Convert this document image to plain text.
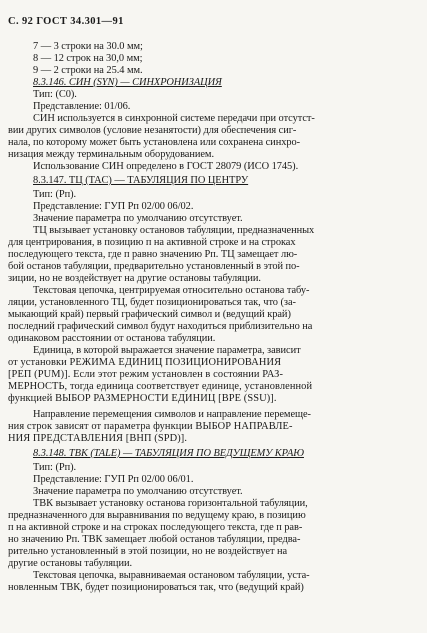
С. 92 ГОСТ 34.301—91
7 — 3 строки на 30.0 мм;
8 — 12 строк на 30,0 мм;
9 — 2 строки на 25.4 мм.
8.3.146. СИН (SYN) — СИНХРОНИЗАЦИЯ
Тип: (C0).
Представление: 01/06.
СИН используется в синхронной системе передачи при отсутст-
вии других символов (условие незанятости) для обеспечения сиг-
нала, по которому может быть установлена или сохранена синхро-
низация между терминальным оборудованием.
Использование СИН определено в ГОСТ 28079 (ИСО 1745).
8.3.147. ТЦ (TAC) — ТАБУЛЯЦИЯ ПО ЦЕНТРУ
Тип: (Рп).
Представление: ГУП Рп 02/00 06/02.
Значение параметра по умолчанию отсутствует.
ТЦ вызывает установку остановов табуляции, предназначенных
для центрирования, в позицию п на активной строке и на строках
последующего текста, где п равно значению Рп. ТЦ замещает лю-
бой останов табуляции, предварительно установленный в этой по-
зиции, но не воздействует на другие остановы табуляции.
Текстовая цепочка, центрируемая относительно останова табу-
ляции, установленного ТЦ, будет позиционироваться так, что (за-
мыкающий край) первый графический символ и (ведущий край)
последний графический символ будут находиться приблизительно на
одинаковом расстоянии от останова табуляции.
Единица, в которой выражается значение параметра, зависит
от установки РЕЖИМА ЕДИНИЦ ПОЗИЦИОНИРОВАНИЯ
[РЕП (PUM)]. Если этот режим установлен в состоянии РАЗ-
МЕРНОСТЬ, тогда единица соответствует единице, установленной
функцией ВЫБОР РАЗМЕРНОСТИ ЕДИНИЦ [ВРЕ (SSU)].
Направление перемещения символов и направление перемеще-
ния строк зависят от параметра функции ВЫБОР НАПРАВЛЕ-
НИЯ ПРЕДСТАВЛЕНИЯ [ВНП (SPD)].
8.3.148. ТВК (TALE) — ТАБУЛЯЦИЯ ПО ВЕДУЩЕМУ КРАЮ
Тип: (Рп).
Представление: ГУП Рп 02/00 06/01.
Значение параметра по умолчанию отсутствует.
ТВК вызывает установку останова горизонтальной табуляции,
предназначенного для выравнивания по ведущему краю, в позицию
п на активной строке и на строках последующего текста, где п рав-
но значению Рп. ТВК замещает любой останов табуляции, предва-
рительно установленный в этой позиции, но не воздействует на
другие остановы табуляции.
Текстовая цепочка, выравниваемая остановом табуляции, уста-
новленным ТВК, будет позиционироваться так, что (ведущий край)
